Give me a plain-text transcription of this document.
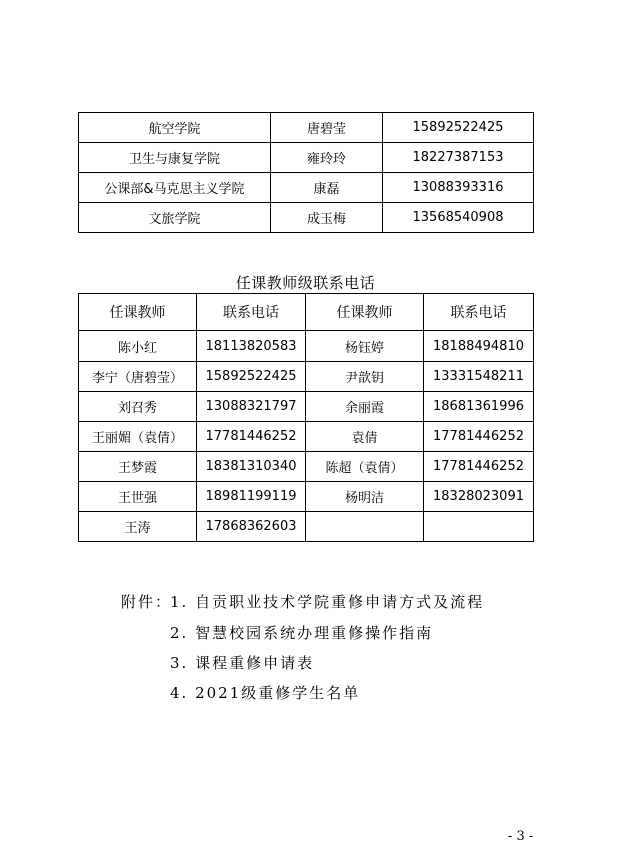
航空学院	唐碧莹	15892522425
卫生与康复学院	雍玲玲	18227387153
公课部&马克思主义学院	康磊	13088393316
文旅学院	成玉梅	13568540908
任课教师级联系电话
任课教师	联系电话	任课教师	联系电话
陈小红	18113820583	杨钰婷	18188494810
李宁（唐碧莹）	15892522425	尹歆钥	13331548211
刘召秀	13088321797	余丽霞	18681361996
王丽媚（袁倩）	17781446252	袁倩	17781446252
王梦霞	18381310340	陈超（袁倩）	17781446252
王世强	18981199119	杨明洁	18328023091
王涛	17868362603		
附件：
1. 自贡职业技术学院重修申请方式及流程
2. 智慧校园系统办理重修操作指南
3. 课程重修申请表
4. 2021级重修学生名单
- 3 -
